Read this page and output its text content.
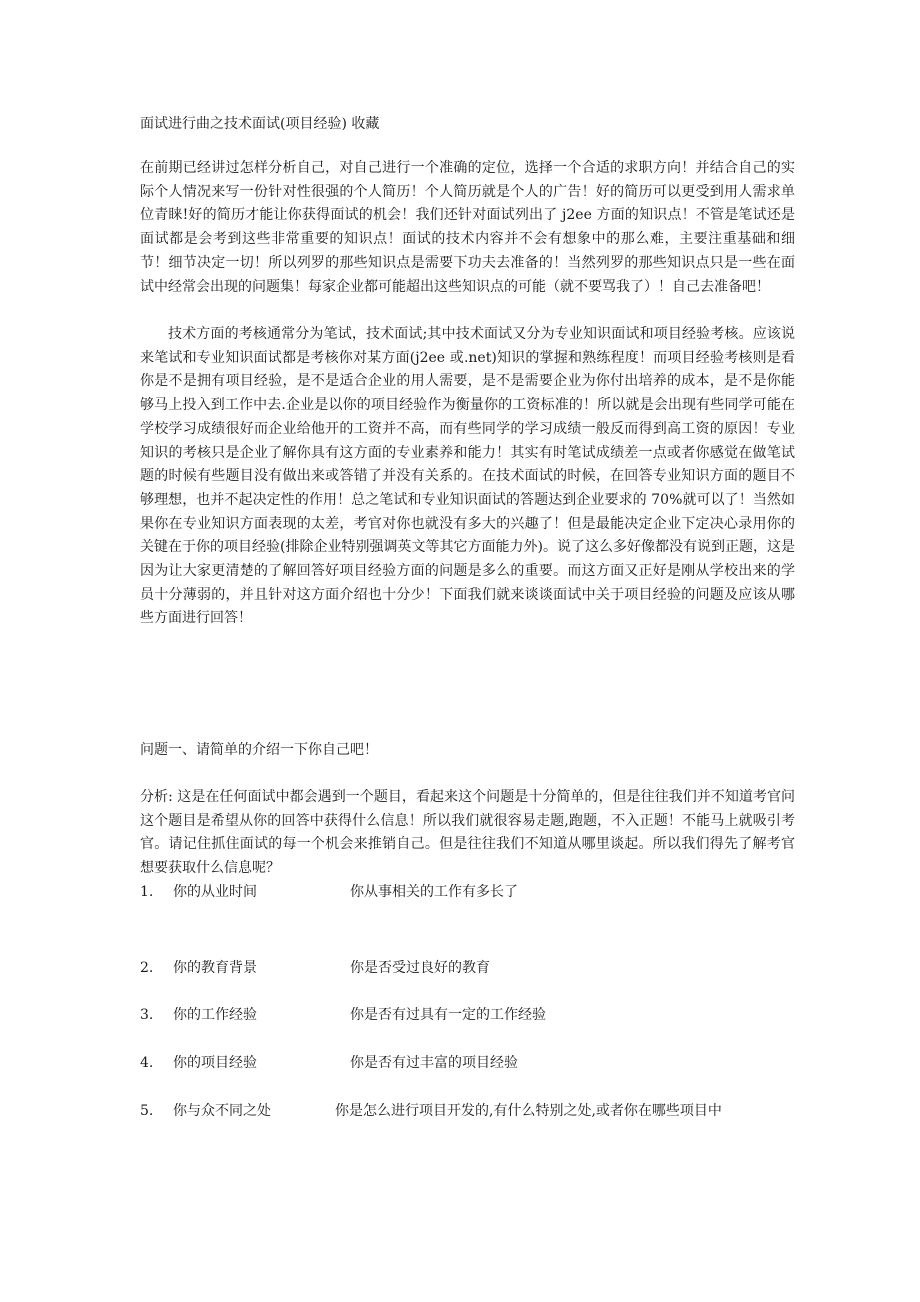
面试进行曲之技术面试(项目经验) 收藏

在前期已经讲过怎样分析自己，对自己进行一个准确的定位，选择一个合适的求职方向！并结合自己的实际个人情况来写一份针对性很强的个人简历！个人简历就是个人的广告！好的简历可以更受到用人需求单位青睐!好的简历才能让你获得面试的机会！我们还针对面试列出了 j2ee 方面的知识点！不管是笔试还是面试都是会考到这些非常重要的知识点！面试的技术内容并不会有想象中的那么难，主要注重基础和细节！细节决定一切！所以列罗的那些知识点是需要下功夫去准备的！当然列罗的那些知识点只是一些在面试中经常会出现的问题集！每家企业都可能超出这些知识点的可能（就不要骂我了）！自己去准备吧！

技术方面的考核通常分为笔试，技术面试;其中技术面试又分为专业知识面试和项目经验考核。应该说来笔试和专业知识面试都是考核你对某方面(j2ee 或.net)知识的掌握和熟练程度！而项目经验考核则是看你是不是拥有项目经验，是不是适合企业的用人需要，是不是需要企业为你付出培养的成本，是不是你能够马上投入到工作中去.企业是以你的项目经验作为衡量你的工资标准的！所以就是会出现有些同学可能在学校学习成绩很好而企业给他开的工资并不高，而有些同学的学习成绩一般反而得到高工资的原因！专业知识的考核只是企业了解你具有这方面的专业素养和能力！其实有时笔试成绩差一点或者你感觉在做笔试题的时候有些题目没有做出来或答错了并没有关系的。在技术面试的时候，在回答专业知识方面的题目不够理想，也并不起决定性的作用！总之笔试和专业知识面试的答题达到企业要求的 70%就可以了！当然如果你在专业知识方面表现的太差，考官对你也就没有多大的兴趣了！但是最能决定企业下定决心录用你的关键在于你的项目经验(排除企业特别强调英文等其它方面能力外)。说了这么多好像都没有说到正题，这是因为让大家更清楚的了解回答好项目经验方面的问题是多么的重要。而这方面又正好是刚从学校出来的学员十分薄弱的，并且针对这方面介绍也十分少！下面我们就来谈谈面试中关于项目经验的问题及应该从哪些方面进行回答！

问题一、请简单的介绍一下你自己吧！

分析: 这是在任何面试中都会遇到一个题目，看起来这个问题是十分简单的，但是往往我们并不知道考官问这个题目是希望从你的回答中获得什么信息！所以我们就很容易走题,跑题，不入正题！不能马上就吸引考官。请记住抓住面试的每一个机会来推销自己。但是往往我们不知道从哪里谈起。所以我们得先了解考官想要获取什么信息呢？

1. 你的从业时间	你从事相关的工作有多长了
2. 你的教育背景	你是否受过良好的教育
3. 你的工作经验	你是否有过具有一定的工作经验
4. 你的项目经验	你是否有过丰富的项目经验
5. 你与众不同之处	你是怎么进行项目开发的,有什么特别之处,或者你在哪些项目中
